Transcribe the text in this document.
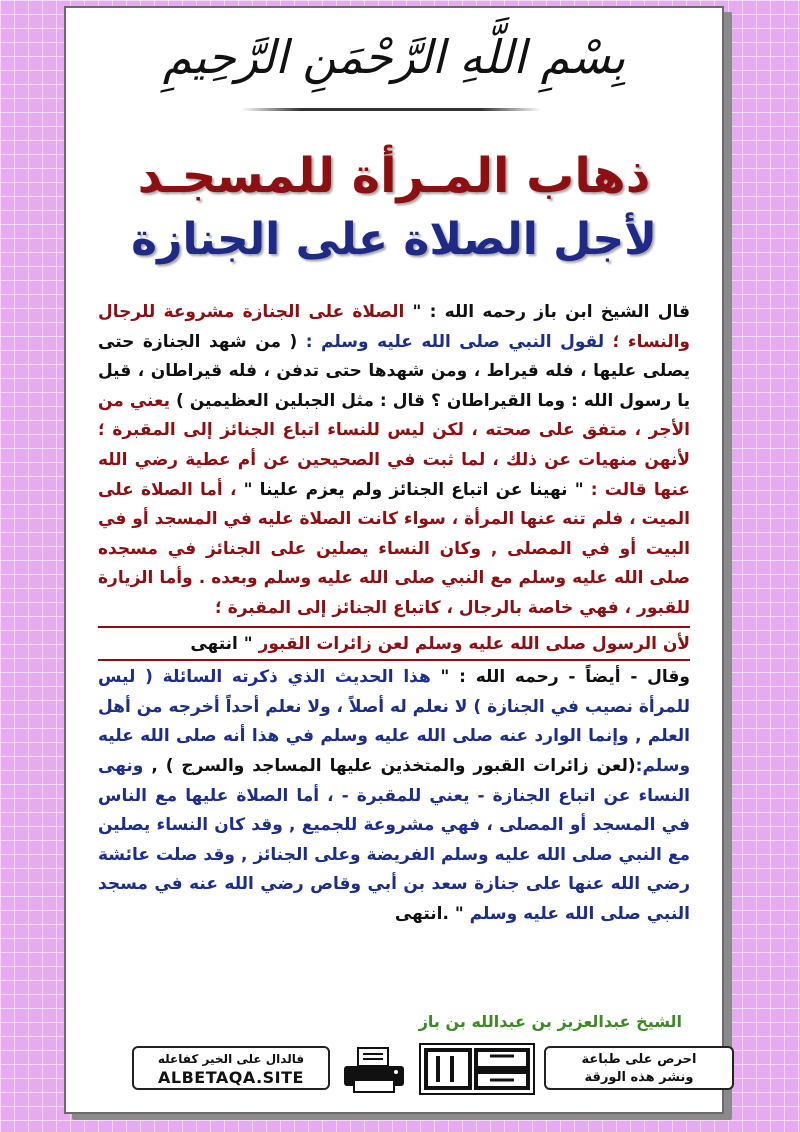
بِسْمِ اللَّهِ الرَّحْمَنِ الرَّحِيمِ
ذهاب المـرأة للمسجـد
لأجل الصلاة على الجنازة
قال الشيخ ابن باز رحمه الله : " الصلاة على الجنازة مشروعة للرجال والنساء ؛ لقول النبي صلى الله عليه وسلم : ( من شهد الجنازة حتى يصلى عليها ، فله قيراط ، ومن شهدها حتى تدفن ، فله قيراطان ، قيل يا رسول الله : وما القيراطان ؟ قال : مثل الجبلين العظيمين ) يعني من الأجر ، متفق على صحته ، لكن ليس للنساء اتباع الجنائز إلى المقبرة ؛ لأنهن منهيات عن ذلك ، لما ثبت في الصحيحين عن أم عطية رضي الله عنها قالت : " نهينا عن اتباع الجنائز ولم يعزم علينا " ، أما الصلاة على الميت ، فلم تنه عنها المرأة ، سواء كانت الصلاة عليه في المسجد أو في البيت أو في المصلى , وكان النساء يصلين على الجنائز في مسجده صلى الله عليه وسلم مع النبي صلى الله عليه وسلم وبعده . وأما الزيارة للقبور ، فهي خاصة بالرجال ، كاتباع الجنائز إلى المقبرة ؛
لأن الرسول صلى الله عليه وسلم لعن زائرات القبور " انتهى
وقال - أيضاً - رحمه الله : " هذا الحديث الذي ذكرته السائلة ( ليس للمرأة نصيب في الجنازة ) لا نعلم له أصلاً ، ولا نعلم أحداً أخرجه من أهل العلم , وإنما الوارد عنه صلى الله عليه وسلم في هذا أنه صلى الله عليه وسلم:(لعن زائرات القبور والمتخذين عليها المساجد والسرج ) , ونهى النساء عن اتباع الجنازة - يعني للمقبرة - ، أما الصلاة عليها مع الناس في المسجد أو المصلى ، فهي مشروعة للجميع , وقد كان النساء يصلين مع النبي صلى الله عليه وسلم الفريضة وعلى الجنائز , وقد صلت عائشة رضي الله عنها على جنازة سعد بن أبي وقاص رضي الله عنه في مسجد النبي صلى الله عليه وسلم " .انتهى
الشيخ عبدالعزيز بن عبدالله بن باز
فالدال على الخير كفاعله
ALBETAQA.SITE
احرص على طباعة
ونشر هذه الورقة
